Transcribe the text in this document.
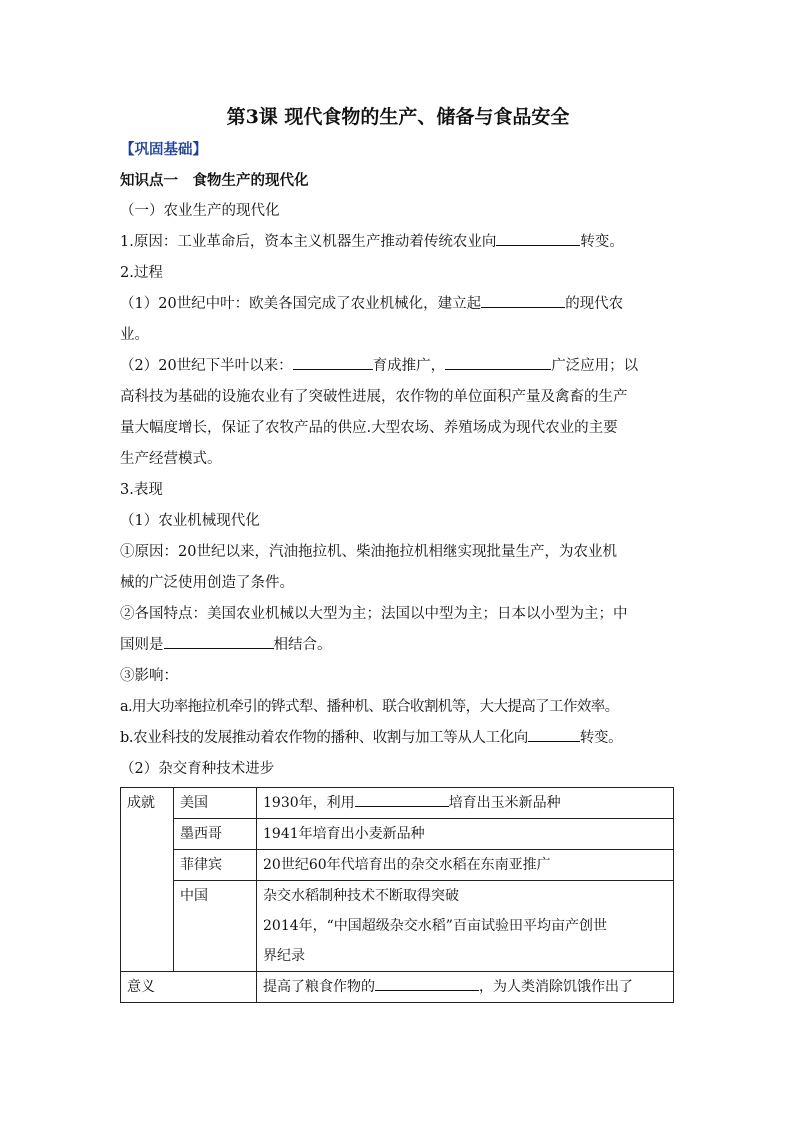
第3课 现代食物的生产、储备与食品安全
【巩固基础】
知识点一　食物生产的现代化
（一）农业生产的现代化
1.原因：工业革命后，资本主义机器生产推动着传统农业向	转变。
2.过程
（1）20世纪中叶：欧美各国完成了农业机械化，建立起	的现代农
业。
（2）20世纪下半叶以来：	育成推广，	广泛应用；以
高科技为基础的设施农业有了突破性进展，农作物的单位面积产量及禽畜的生产
量大幅度增长，保证了农牧产品的供应.大型农场、养殖场成为现代农业的主要
生产经营模式。
3.表现
（1）农业机械现代化
①原因：20世纪以来，汽油拖拉机、柴油拖拉机相继实现批量生产，为农业机
械的广泛使用创造了条件。
②各国特点：美国农业机械以大型为主；法国以中型为主；日本以小型为主；中
国则是	相结合。
③影响：
a.用大功率拖拉机牵引的铧式犁、播种机、联合收割机等，大大提高了工作效率。
b.农业科技的发展推动着农作物的播种、收割与加工等从人工化向	转变。
（2）杂交育种技术进步
成就	美国	1930年，利用 培育出玉米新品种
	墨西哥	1941年培育出小麦新品种
	菲律宾	20世纪60年代培育出的杂交水稻在东南亚推广
	中国	杂交水稻制种技术不断取得突破
2014年，“中国超级杂交水稻”百亩试验田平均亩产创世
界纪录

意义		提高了粮食作物的 ，为人类消除饥饿作出了
